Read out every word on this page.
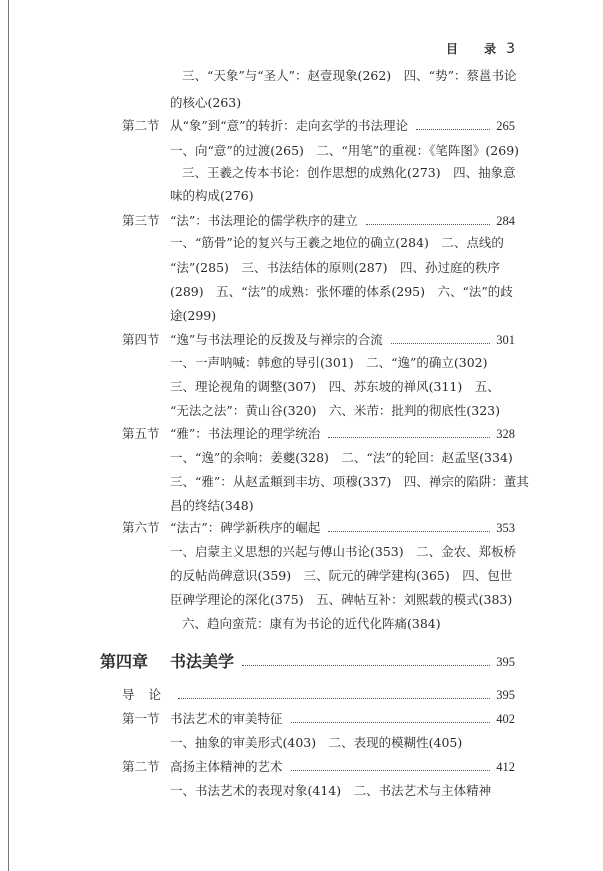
目 录 3
三、“天象”与“圣人”：赵壹现象(262)　四、“势”：蔡邕书论
的核心(263)
第二节 从“象”到“意”的转折：走向玄学的书法理论	265
一、向“意”的过渡(265)　二、“用笔”的重视：《笔阵图》(269)
三、王羲之传本书论：创作思想的成熟化(273)　四、抽象意
味的构成(276)
第三节 “法”：书法理论的儒学秩序的建立	284
一、“筋骨”论的复兴与王羲之地位的确立(284)　二、点线的
“法”(285)　三、书法结体的原则(287)　四、孙过庭的秩序
(289)　五、“法”的成熟：张怀瓘的体系(295)　六、“法”的歧
途(299)
第四节 “逸”与书法理论的反拨及与禅宗的合流	301
一、一声呐喊：韩愈的导引(301)　二、“逸”的确立(302)
三、理论视角的调整(307)　四、苏东坡的禅风(311)　五、
“无法之法”：黄山谷(320)　六、米芾：批判的彻底性(323)
第五节 “雅”：书法理论的理学统治	328
一、“逸”的余响：姜夔(328)　二、“法”的轮回：赵孟坚(334)
三、“雅”：从赵孟頫到丰坊、项穆(337)　四、禅宗的陷阱：董其
昌的终结(348)
第六节 “法古”：碑学新秩序的崛起	353
一、启蒙主义思想的兴起与傅山书论(353)　二、金农、郑板桥
的反帖尚碑意识(359)　三、阮元的碑学建构(365)　四、包世
臣碑学理论的深化(375)　五、碑帖互补：刘熙载的模式(383)
六、趋向蛮荒：康有为书论的近代化阵痛(384)
第四章	书法美学	395
导论	395
第一节 书法艺术的审美特征	402
一、抽象的审美形式(403)　二、表现的模糊性(405)
第二节 高扬主体精神的艺术	412
一、书法艺术的表现对象(414)　二、书法艺术与主体精神
